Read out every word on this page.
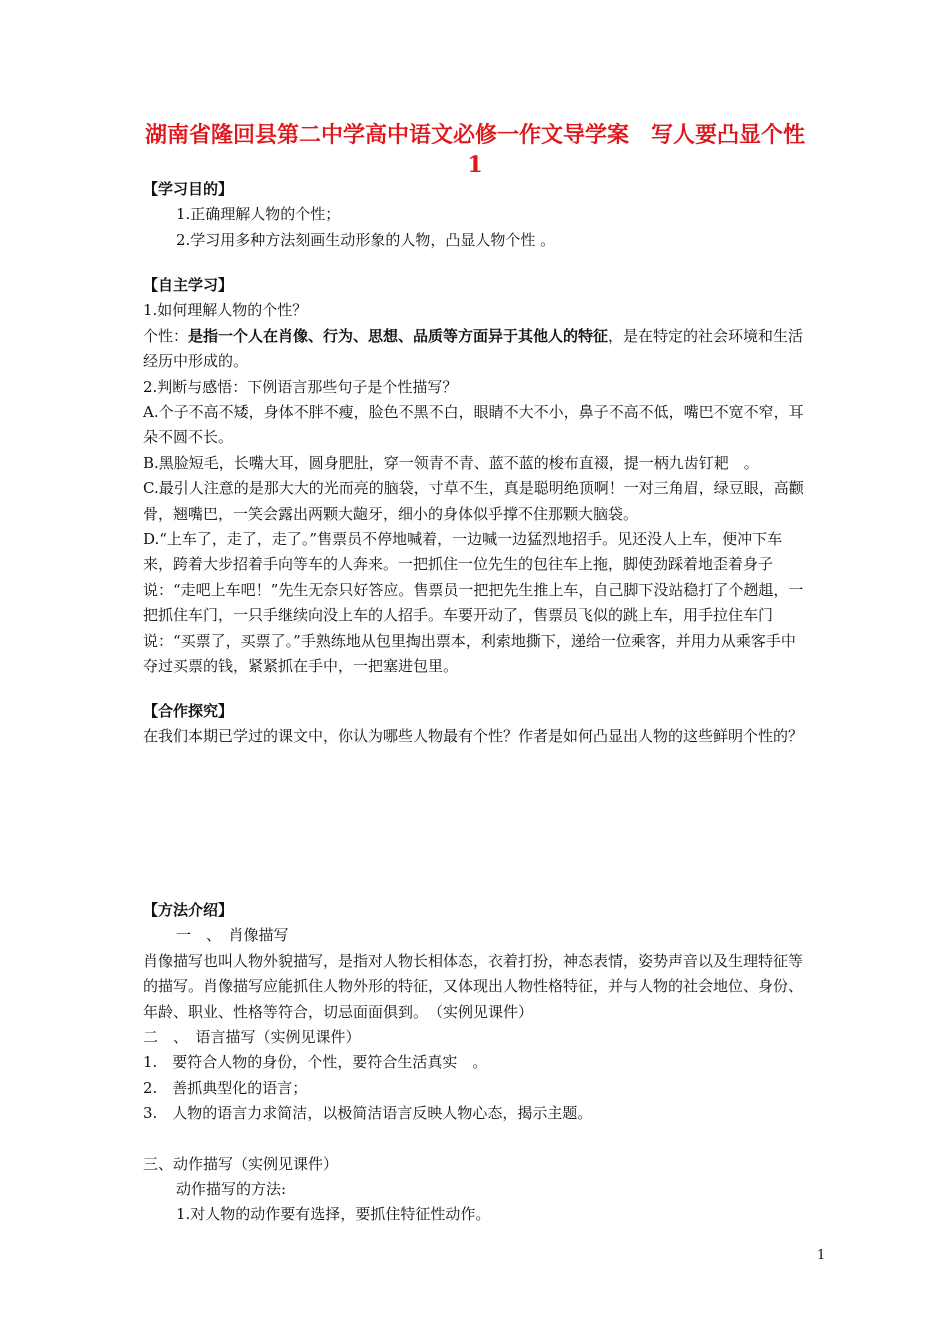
湖南省隆回县第二中学高中语文必修一作文导学案　写人要凸显个性 1

【学习目的】

1.正确理解人物的个性；

2.学习用多种方法刻画生动形象的人物，凸显人物个性 。

【自主学习】

1.如何理解人物的个性？

个性：是指一个人在肖像、行为、思想、品质等方面异于其他人的特征，是在特定的社会环境和生活经历中形成的。

2.判断与感悟：下例语言那些句子是个性描写？

A.个子不高不矮，身体不胖不瘦，脸色不黑不白，眼睛不大不小，鼻子不高不低，嘴巴不宽不窄，耳朵不圆不长。

B.黑脸短毛，长嘴大耳，圆身肥肚，穿一领青不青、蓝不蓝的梭布直裰，提一柄九齿钉耙　。

C.最引人注意的是那大大的光而亮的脑袋，寸草不生，真是聪明绝顶啊！一对三角眉，绿豆眼，高颧骨，翘嘴巴，一笑会露出两颗大龅牙，细小的身体似乎撑不住那颗大脑袋。

D.“上车了，走了，走了。”售票员不停地喊着，一边喊一边猛烈地招手。见还没人上车，便冲下车来，跨着大步招着手向等车的人奔来。一把抓住一位先生的包往车上拖，脚使劲踩着地歪着身子说：“走吧上车吧！”先生无奈只好答应。售票员一把把先生推上车，自己脚下没站稳打了个趔趄，一把抓住车门，一只手继续向没上车的人招手。车要开动了，售票员飞似的跳上车，用手拉住车门说：“买票了，买票了。”手熟练地从包里掏出票本，利索地撕下，递给一位乘客，并用力从乘客手中夺过买票的钱，紧紧抓在手中，一把塞进包里。

【合作探究】

在我们本期已学过的课文中，你认为哪些人物最有个性？作者是如何凸显出人物的这些鲜明个性的？

【方法介绍】

一　、　肖像描写

肖像描写也叫人物外貌描写，是指对人物长相体态，衣着打扮，神态表情，姿势声音以及生理特征等的描写。肖像描写应能抓住人物外形的特征，又体现出人物性格特征，并与人物的社会地位、身份、年龄、职业、性格等符合，切忌面面俱到。　（实例见课件）

二　、　语言描写（实例见课件）

1.　要符合人物的身份，个性，要符合生活真实　。

2.　善抓典型化的语言；

3.　人物的语言力求简洁，以极简洁语言反映人物心态，揭示主题。

三、动作描写（实例见课件）

动作描写的方法:

1.对人物的动作要有选择，要抓住特征性动作。

1
